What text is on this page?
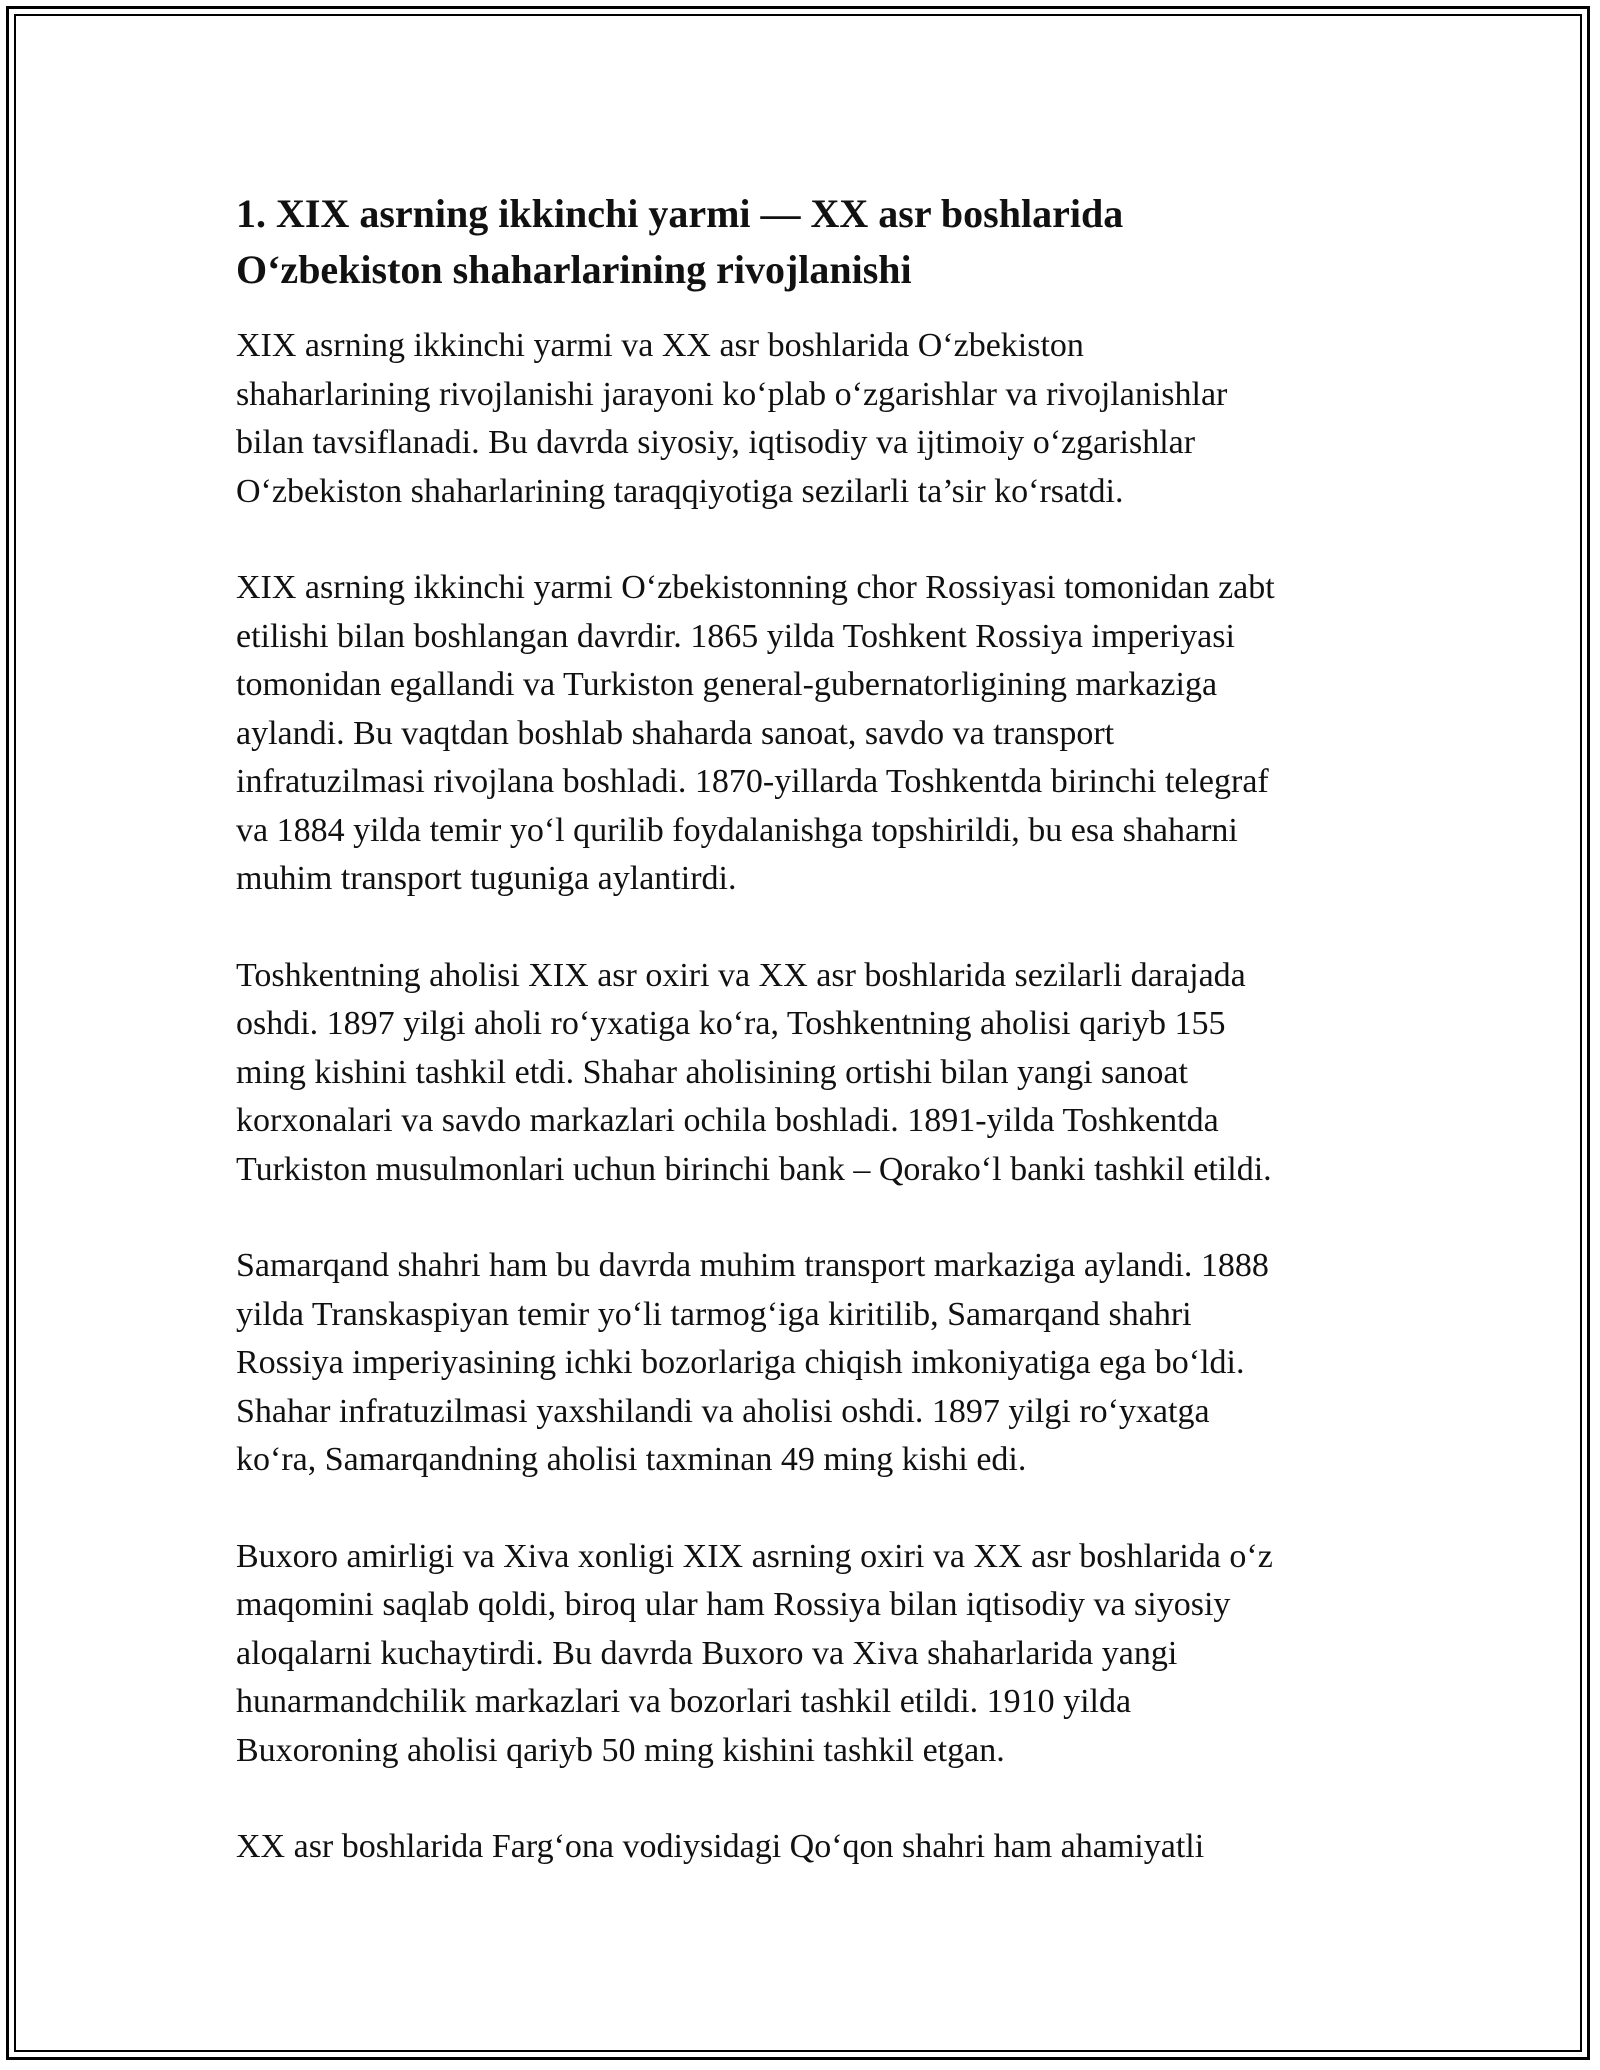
1. XIX asrning ikkinchi yarmi — XX asr boshlarida
O‘zbekiston shaharlarining rivojlanishi

XIX asrning ikkinchi yarmi va XX asr boshlarida O‘zbekiston
shaharlarining rivojlanishi jarayoni ko‘plab o‘zgarishlar va rivojlanishlar
bilan tavsiflanadi. Bu davrda siyosiy, iqtisodiy va ijtimoiy o‘zgarishlar
O‘zbekiston shaharlarining taraqqiyotiga sezilarli ta’sir ko‘rsatdi.

XIX asrning ikkinchi yarmi O‘zbekistonning chor Rossiyasi tomonidan zabt
etilishi bilan boshlangan davrdir. 1865 yilda Toshkent Rossiya imperiyasi
tomonidan egallandi va Turkiston general-gubernatorligining markaziga
aylandi. Bu vaqtdan boshlab shaharda sanoat, savdo va transport
infratuzilmasi rivojlana boshladi. 1870-yillarda Toshkentda birinchi telegraf
va 1884 yilda temir yo‘l qurilib foydalanishga topshirildi, bu esa shaharni
muhim transport tuguniga aylantirdi.

Toshkentning aholisi XIX asr oxiri va XX asr boshlarida sezilarli darajada
oshdi. 1897 yilgi aholi ro‘yxatiga ko‘ra, Toshkentning aholisi qariyb 155
ming kishini tashkil etdi. Shahar aholisining ortishi bilan yangi sanoat
korxonalari va savdo markazlari ochila boshladi. 1891-yilda Toshkentda
Turkiston musulmonlari uchun birinchi bank – Qorako‘l banki tashkil etildi.

Samarqand shahri ham bu davrda muhim transport markaziga aylandi. 1888
yilda Transkaspiyan temir yo‘li tarmog‘iga kiritilib, Samarqand shahri
Rossiya imperiyasining ichki bozorlariga chiqish imkoniyatiga ega bo‘ldi.
Shahar infratuzilmasi yaxshilandi va aholisi oshdi. 1897 yilgi ro‘yxatga
ko‘ra, Samarqandning aholisi taxminan 49 ming kishi edi.

Buxoro amirligi va Xiva xonligi XIX asrning oxiri va XX asr boshlarida o‘z
maqomini saqlab qoldi, biroq ular ham Rossiya bilan iqtisodiy va siyosiy
aloqalarni kuchaytirdi. Bu davrda Buxoro va Xiva shaharlarida yangi
hunarmandchilik markazlari va bozorlari tashkil etildi. 1910 yilda
Buxoroning aholisi qariyb 50 ming kishini tashkil etgan.

XX asr boshlarida Farg‘ona vodiysidagi Qo‘qon shahri ham ahamiyatli
